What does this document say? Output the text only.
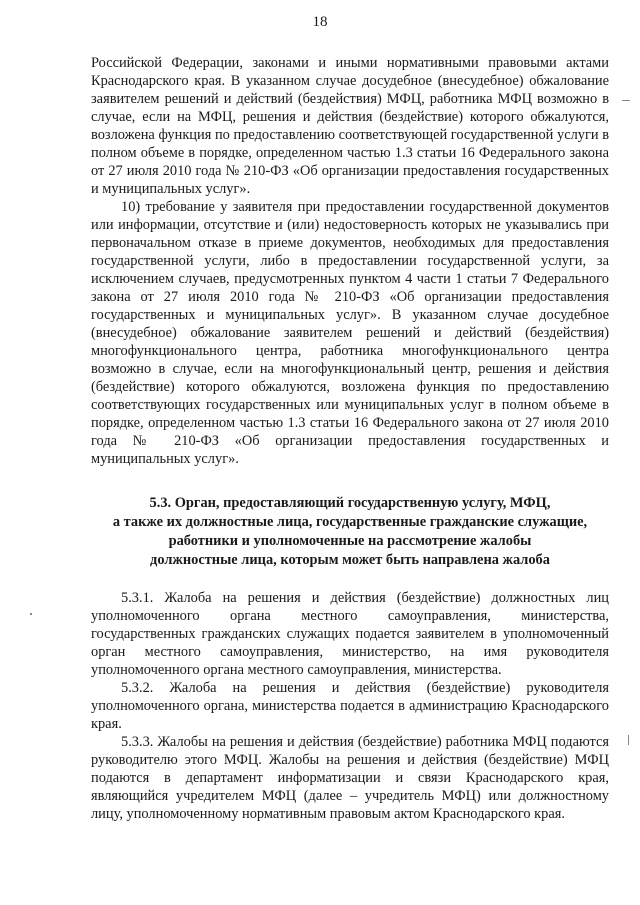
18

Российской Федерации, законами и иными нормативными правовыми актами Краснодарского края. В указанном случае досудебное (внесудебное) обжалование заявителем решений и действий (бездействия) МФЦ, работника МФЦ возможно в случае, если на МФЦ, решения и действия (бездействие) которого обжалуются, возложена функция по предоставлению соответствующей государственной услуги в полном объеме в порядке, определенном частью 1.3 статьи 16 Федерального закона от 27 июля 2010 года № 210-ФЗ «Об организации предоставления государственных и муниципальных услуг».

10) требование у заявителя при предоставлении государственной документов или информации, отсутствие и (или) недостоверность которых не указывались при первоначальном отказе в приеме документов, необходимых для предоставления государственной услуги, либо в предоставлении государственной услуги, за исключением случаев, предусмотренных пунктом 4 части 1 статьи 7 Федерального закона от 27 июля 2010 года № 210-ФЗ «Об организации предоставления государственных и муниципальных услуг». В указанном случае досудебное (внесудебное) обжалование заявителем решений и действий (бездействия) многофункционального центра, работника многофункционального центра возможно в случае, если на многофункциональный центр, решения и действия (бездействие) которого обжалуются, возложена функция по предоставлению соответствующих государственных или муниципальных услуг в полном объеме в порядке, определенном частью 1.3 статьи 16 Федерального закона от 27 июля 2010 года № 210-ФЗ «Об организации предоставления государственных и муниципальных услуг».

5.3. Орган, предоставляющий государственную услугу, МФЦ,
а также их должностные лица, государственные гражданские служащие,
работники и уполномоченные на рассмотрение жалобы
должностные лица, которым может быть направлена жалоба

5.3.1. Жалоба на решения и действия (бездействие) должностных лиц уполномоченного органа местного самоуправления, министерства, государственных гражданских служащих подается заявителем в уполномоченный орган местного самоуправления, министерство, на имя руководителя уполномоченного органа местного самоуправления, министерства.

5.3.2. Жалоба на решения и действия (бездействие) руководителя уполномоченного органа, министерства подается в администрацию Краснодарского края.

5.3.3. Жалобы на решения и действия (бездействие) работника МФЦ подаются руководителю этого МФЦ. Жалобы на решения и действия (бездействие) МФЦ подаются в департамент информатизации и связи Краснодарского края, являющийся учредителем МФЦ (далее – учредитель МФЦ) или должностному лицу, уполномоченному нормативным правовым актом Краснодарского края.
